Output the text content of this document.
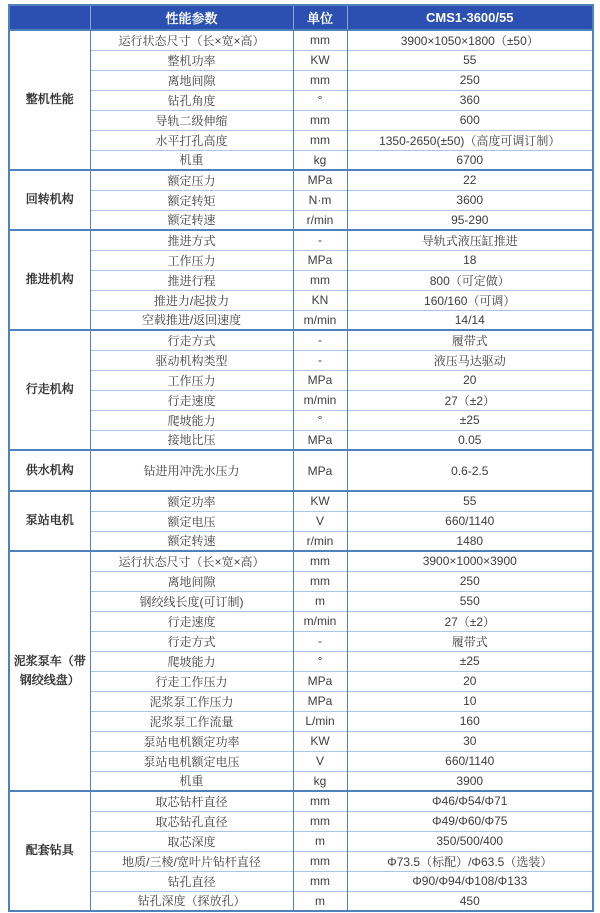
	性能参数	单位	CMS1-3600/55
整机性能	运行状态尺寸（长×宽×高）	mm	3900×1050×1800（±50）
	整机功率	KW	55
	离地间隙	mm	250
	钻孔角度	°	360
	导轨二级伸缩	mm	600
	水平打孔高度	mm	1350-2650(±50)（高度可调订制）
	机重	kg	6700
回转机构	额定压力	MPa	22
	额定转矩	N·m	3600
	额定转速	r/min	95-290
推进机构	推进方式	-	导轨式液压缸推进
	工作压力	MPa	18
	推进行程	mm	800（可定做）
	推进力/起拔力	KN	160/160（可调）
	空载推进/返回速度	m/min	14/14
行走机构	行走方式	-	履带式
	驱动机构类型	-	液压马达驱动
	工作压力	MPa	20
	行走速度	m/min	27（±2）
	爬坡能力	°	±25
	接地比压	MPa	0.05
供水机构	钻进用冲洗水压力	MPa	0.6-2.5
泵站电机	额定功率	KW	55
	额定电压	V	660/1140
	额定转速	r/min	1480
泥浆泵车（带钢绞线盘）	运行状态尺寸（长×宽×高）	mm	3900×1000×3900
	离地间隙	mm	250
	钢绞线长度(可订制)	m	550
	行走速度	m/min	27（±2）
	行走方式	-	履带式
	爬坡能力	°	±25
	行走工作压力	MPa	20
	泥浆泵工作压力	MPa	10
	泥浆泵工作流量	L/min	160
	泵站电机额定功率	KW	30
	泵站电机额定电压	V	660/1140
	机重	kg	3900
配套钻具	取芯钻杆直径	mm	Φ46/Φ54/Φ71
	取芯钻孔直径	mm	Φ49/Φ60/Φ75
	取芯深度	m	350/500/400
	地质/三棱/宽叶片钻杆直径	mm	Φ73.5（标配）/Φ63.5（选装）
	钻孔直径	mm	Φ90/Φ94/Φ108/Φ133
	钻孔深度（探放孔）	m	450
